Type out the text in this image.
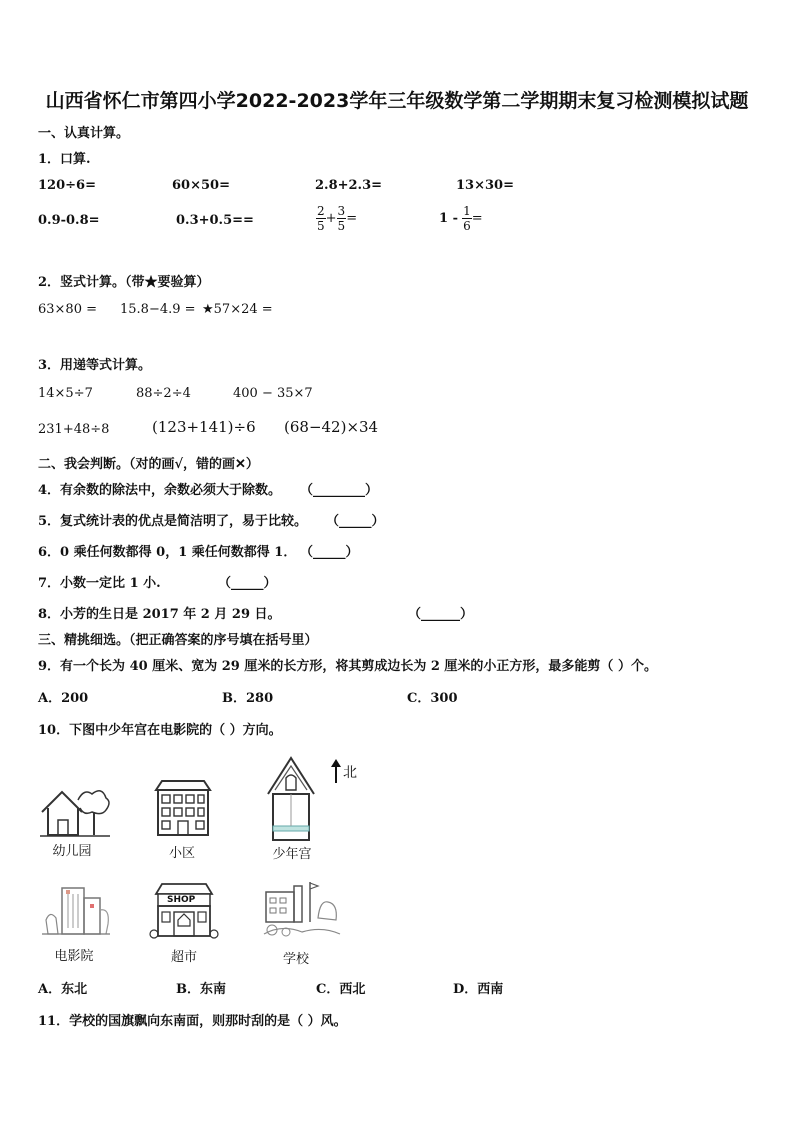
山西省怀仁市第四小学2022-2023学年三年级数学第二学期期末复习检测模拟试题
一、认真计算。
1．口算.
120÷6=	60×50=	2.8+2.3=	13×30=
0.9-0.8=	0.3+0.5==	$\frac{2}{5} + \frac{3}{5}$ =	$1 - \frac{1}{6}$ =
2．竖式计算。（带★要验算）
63×80 = 15.8−4.9 = ★57×24 =
3．用递等式计算。
14×5÷7	88÷2÷4	400 − 35×7
231+48÷8	(123+141)÷6 (68−42)×34
二、我会判断。（对的画√，错的画✕）
4．有余数的除法中，余数必须大于除数。 （________）
5．复式统计表的优点是简洁明了，易于比较。 （_____）
6．0 乘任何数都得 0，1 乘任何数都得 1． （_____）
7．小数一定比 1 小.	（_____）
8．小芳的生日是 2017 年 2 月 29 日。	（______）
三、精挑细选。（把正确答案的序号填在括号里）
9．有一个长为 40 厘米、宽为 29 厘米的长方形，将其剪成边长为 2 厘米的小正方形，最多能剪（ ）个。
A．200	B．280	C．300
10．下图中少年宫在电影院的（ ）方向。
幼儿园	小区	少年宫
北
电影院
SHOP
超市	学校
A．东北	B．东南	C．西北	D．西南
11．学校的国旗飘向东南面，则那时刮的是（ ）风。
